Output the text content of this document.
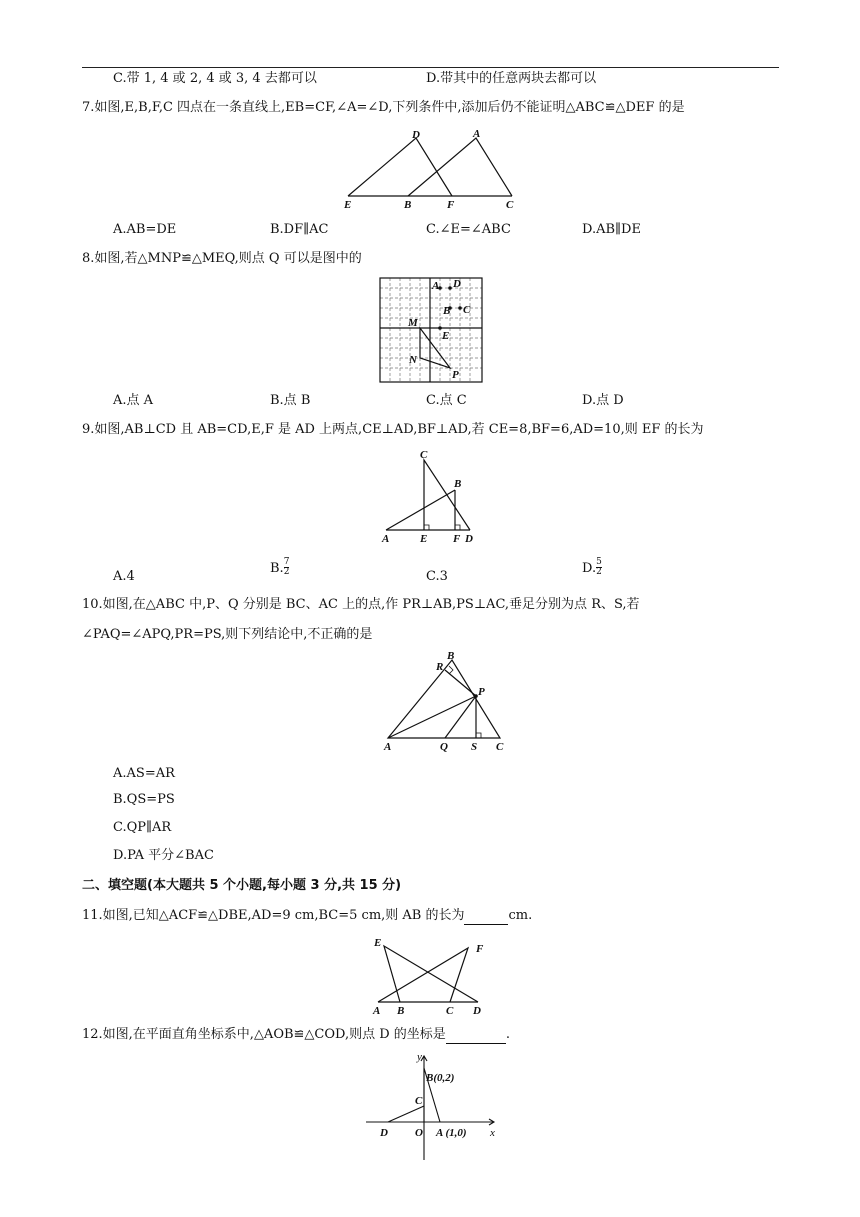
C.带 1, 4 或 2, 4 或 3, 4 去都可以	D.带其中的任意两块去都可以
7.如图,E,B,F,C 四点在一条直线上,EB=CF,∠A=∠D,下列条件中,添加后仍不能证明△ABC≌△DEF 的是
D	A
E	B	F	C
A.AB=DE	B.DF∥AC	C.∠E=∠ABC	D.AB∥DE
8.如图,若△MNP≌△MEQ,则点 Q 可以是图中的
A D
B C
M
E
N
P
A.点 A	B.点 B	C.点 C	D.点 D
9.如图,AB⊥CD 且 AB=CD,E,F 是 AD 上两点,CE⊥AD,BF⊥AD,若 CE=8,BF=6,AD=10,则 EF 的长为
C
B
A	E F D
A.4
B. $\frac{7}{2}$	C.3
D. $\frac{5}{2}$
10.如图,在△ABC 中,P、Q 分别是 BC、AC 上的点,作 PR⊥AB,PS⊥AC,垂足分别为点 R、S,若
∠PAQ=∠APQ,PR=PS,则下列结论中,不正确的是
R
B
P
A	Q S C
A.AS=AR
B.QS=PS
C.QP∥AR
D.PA 平分∠BAC
二、填空题(本大题共 5 个小题,每小题 3 分,共 15 分)
11.如图,已知△ACF≌△DBE,AD=9 cm,BC=5 cm,则 AB 的长为	cm.
E	F
A B	C D
12.如图,在平面直角坐标系中,△AOB≌△COD,则点 D 的坐标是	.
y
x
B(0,2)
C
D O A (1,0)
